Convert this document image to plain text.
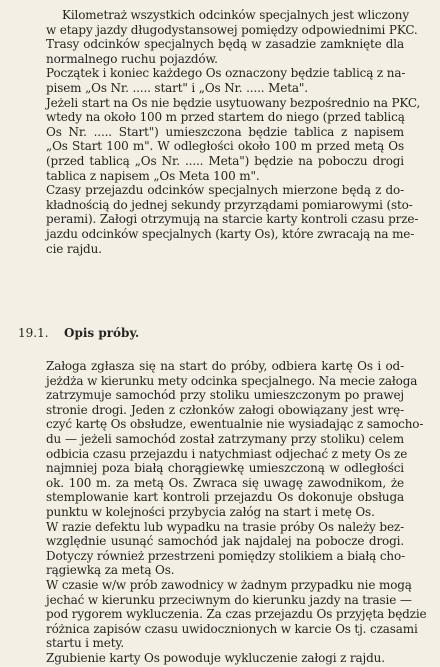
Kilometraż wszystkich odcinków specjalnych jest wliczony
w etapy jazdy długodystansowej pomiędzy odpowiednimi PKC.
Trasy odcinków specjalnych będą w zasadzie zamknięte dla
normalnego ruchu pojazdów.
Początek i koniec każdego Os oznaczony będzie tablicą z na-
pisem „Os Nr. ..... start" i „Os Nr. ..... Meta".
Jeżeli start na Os nie będzie usytuowany bezpośrednio na PKC,
wtedy na około 100 m przed startem do niego (przed tablicą
Os Nr. ..... Start") umieszczona będzie tablica z napisem
„Os Start 100 m". W odległości około 100 m przed metą Os
(przed tablicą „Os Nr. ..... Meta") będzie na poboczu drogi
tablica z napisem „Os Meta 100 m".
Czasy przejazdu odcinków specjalnych mierzone będą z do-
kładnością do jednej sekundy przyrządami pomiarowymi (sto-
perami). Załogi otrzymują na starcie karty kontroli czasu prze-
jazdu odcinków specjalnych (karty Os), które zwracają na me-
cie rajdu.
19.1. Opis próby.
Załoga zgłasza się na start do próby, odbiera kartę Os i od-
jeżdża w kierunku mety odcinka specjalnego. Na mecie załoga
zatrzymuje samochód przy stoliku umieszczonym po prawej
stronie drogi. Jeden z członków załogi obowiązany jest wrę-
czyć kartę Os obsłudze, ewentualnie nie wysiadając z samocho-
du — jeżeli samochód został zatrzymany przy stoliku) celem
odbicia czasu przejazdu i natychmiast odjechać z mety Os ze
najmniej poza białą chorągiewkę umieszczoną w odległości
ok. 100 m. za metą Os. Zwraca się uwagę zawodnikom, że
stemplowanie kart kontroli przejazdu Os dokonuje obsługa
punktu w kolejności przybycia załóg na start i metę Os.
W razie defektu lub wypadku na trasie próby Os należy bez-
względnie usunąć samochód jak najdalej na pobocze drogi.
Dotyczy również przestrzeni pomiędzy stolikiem a białą cho-
rągiewką za metą Os.
W czasie w/w prób zawodnicy w żadnym przypadku nie mogą
jechać w kierunku przeciwnym do kierunku jazdy na trasie —
pod rygorem wykluczenia. Za czas przejazdu Os przyjęta będzie
różnica zapisów czasu uwidocznionych w karcie Os tj. czasami
startu i mety.
Zgubienie karty Os powoduje wykluczenie załogi z rajdu.
